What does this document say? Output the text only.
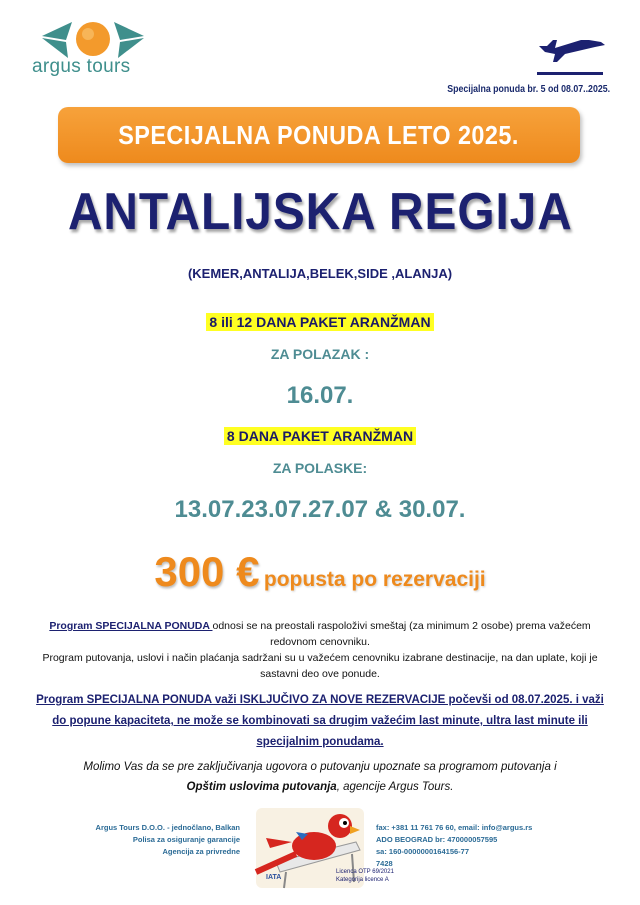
argus tours
Specijalna ponuda br. 5 od 08.07..2025.
SPECIJALNA PONUDA LETO 2025.
ANTALIJSKA REGIJA
(KEMER,ANTALIJA,BELEK,SIDE ,ALANJA)
8 ili 12 DANA PAKET ARANŽMAN
ZA POLAZAK :
16.07.
8 DANA PAKET ARANŽMAN
ZA POLASKE:
13.07.23.07.27.07 & 30.07.
300 € popusta po rezervaciji
Program SPECIJALNA PONUDA odnosi se na preostali raspoloživi smeštaj (za minimum 2 osobe) prema važećem redovnom cenovniku.
Program putovanja, uslovi i način plaćanja sadržani su u važećem cenovniku izabrane destinacije, na dan uplate, koji je sastavni deo ove ponude.
Program SPECIJALNA PONUDA važi ISKLJUČIVO ZA NOVE REZERVACIJE počevši od 08.07.2025. i važi do popune kapaciteta, ne može se kombinovati sa drugim važećim last minute, ultra last minute ili specijalnim ponudama.
Molimo Vas da se pre zaključivanja ugovora o putovanju upoznate sa programom putovanja i
Opštim uslovima putovanja, agencije Argus Tours.
Argus Tours D.O.O. - jednočlano, Balkan
Polisa za osiguranje garancije
Agencija za privredne
fax: +381 11 761 76 60, email: info@argus.rs
ADO BEOGRAD br: 470000057595
sa: 160-0000000164156-77
7428
IATA
Licenca OTP 69/2021
Kategorija licence A
